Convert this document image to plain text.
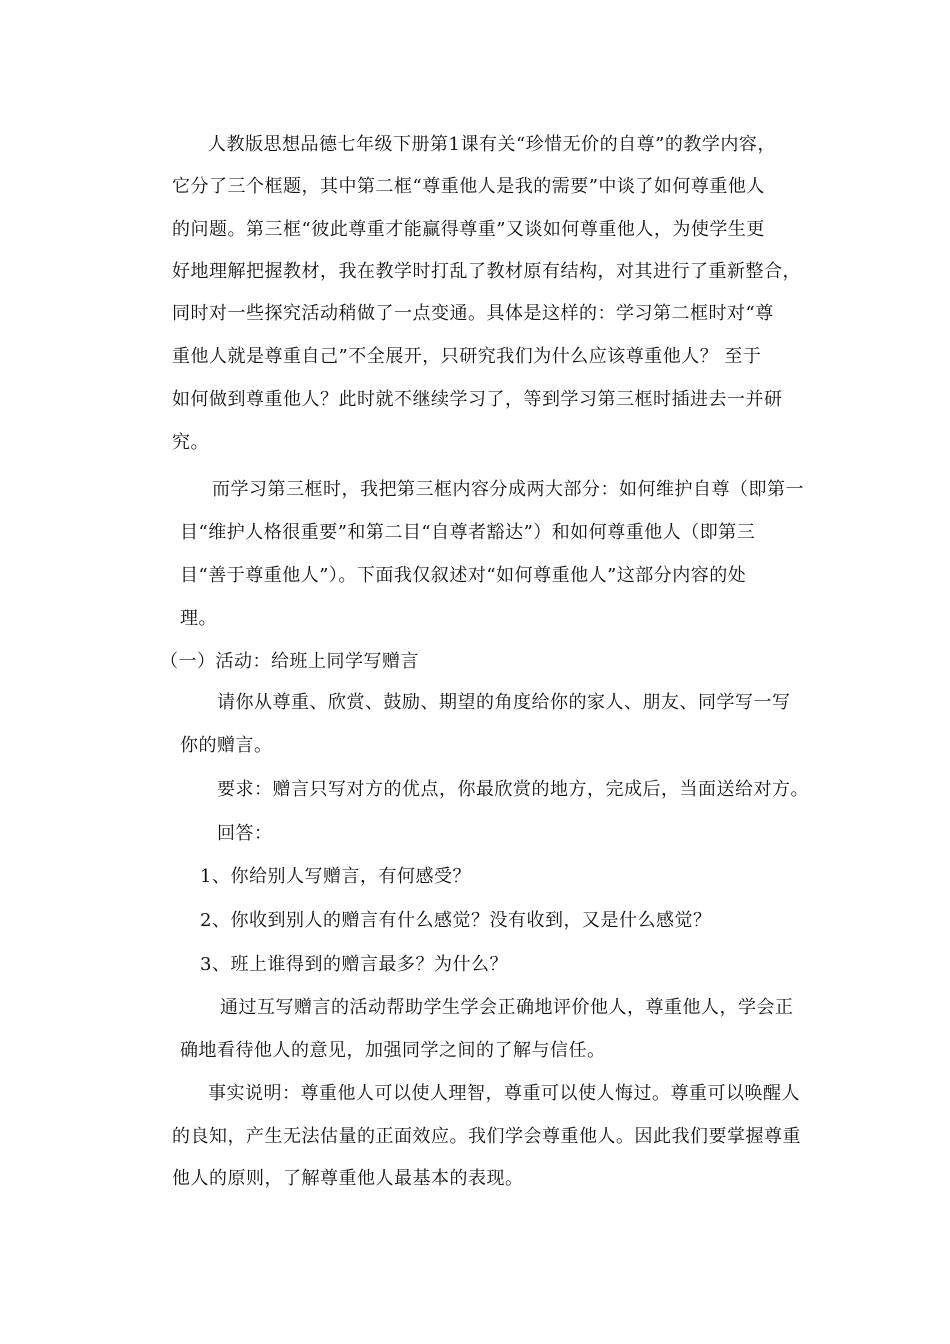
人教版思想品德七年级下册第1课有关“珍惜无价的自尊”的教学内容，
它分了三个框题，其中第二框“尊重他人是我的需要”中谈了如何尊重他人
的问题。第三框“彼此尊重才能赢得尊重”又谈如何尊重他人，为使学生更
好地理解把握教材，我在教学时打乱了教材原有结构，对其进行了重新整合，
同时对一些探究活动稍做了一点变通。具体是这样的：学习第二框时对“尊
重他人就是尊重自己”不全展开，只研究我们为什么应该尊重他人？ 至于
如何做到尊重他人？此时就不继续学习了，等到学习第三框时插进去一并研
究。
而学习第三框时，我把第三框内容分成两大部分：如何维护自尊（即第一
目“维护人格很重要”和第二目“自尊者豁达”）和如何尊重他人（即第三
目“善于尊重他人”）。下面我仅叙述对“如何尊重他人”这部分内容的处
理。
（一）活动：给班上同学写赠言
请你从尊重、欣赏、鼓励、期望的角度给你的家人、朋友、同学写一写
你的赠言。
要求：赠言只写对方的优点，你最欣赏的地方，完成后，当面送给对方。
回答：
1、你给别人写赠言，有何感受？
2、你收到别人的赠言有什么感觉？没有收到，又是什么感觉？
3、班上谁得到的赠言最多？为什么？
通过互写赠言的活动帮助学生学会正确地评价他人，尊重他人，学会正
确地看待他人的意见，加强同学之间的了解与信任。
事实说明：尊重他人可以使人理智，尊重可以使人悔过。尊重可以唤醒人
的良知，产生无法估量的正面效应。我们学会尊重他人。因此我们要掌握尊重
他人的原则，了解尊重他人最基本的表现。
